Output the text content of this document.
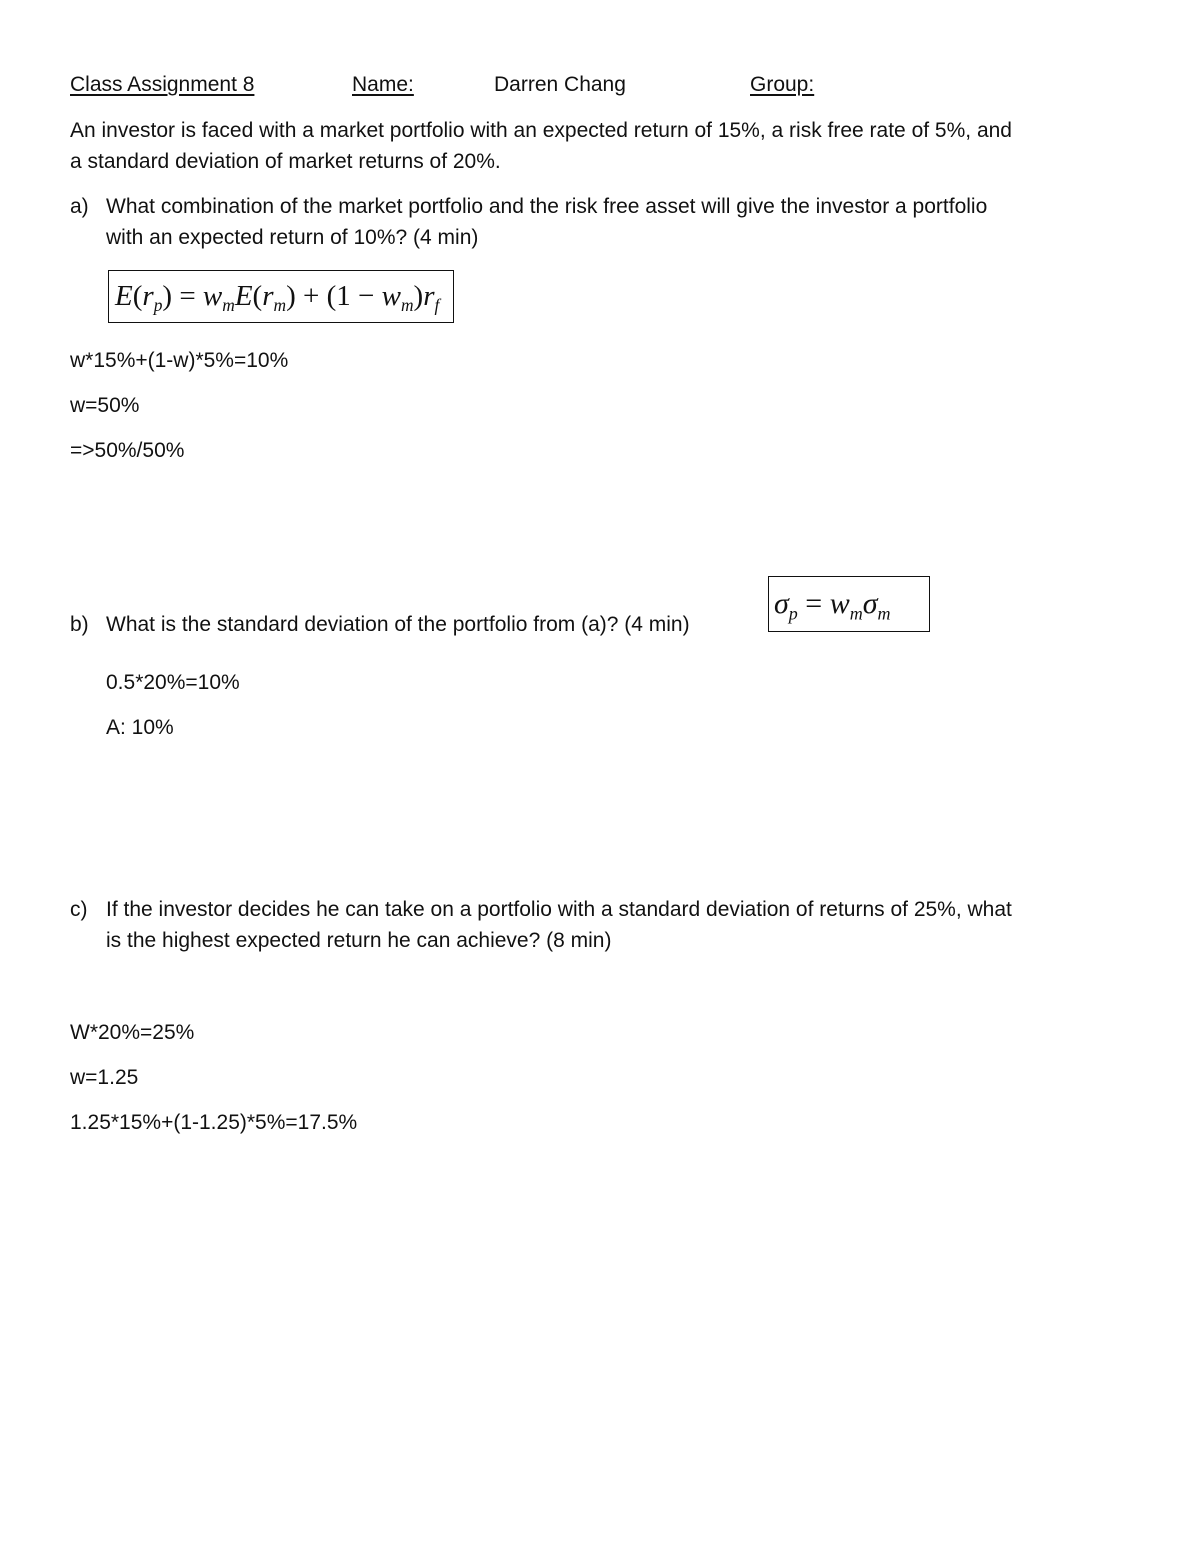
Class Assignment 8	Name:	Darren Chang	Group:
An investor is faced with a market portfolio with an expected return of 15%, a risk free rate of 5%, and
a standard deviation of market returns of 20%.
a) What combination of the market portfolio and the risk free asset will give the investor a portfolio
with an expected return of 10%? (4 min)
$E(r_p) = w_mE(r_m) + (1 - w_m)r_f$
w*15%+(1-w)*5%=10%
w=50%
=>50%/50%
b) What is the standard deviation of the portfolio from (a)? (4 min)
$\sigma_p = w_m\sigma_m$
0.5*20%=10%
A: 10%
c) If the investor decides he can take on a portfolio with a standard deviation of returns of 25%, what
is the highest expected return he can achieve? (8 min)
W*20%=25%
w=1.25
1.25*15%+(1-1.25)*5%=17.5%
